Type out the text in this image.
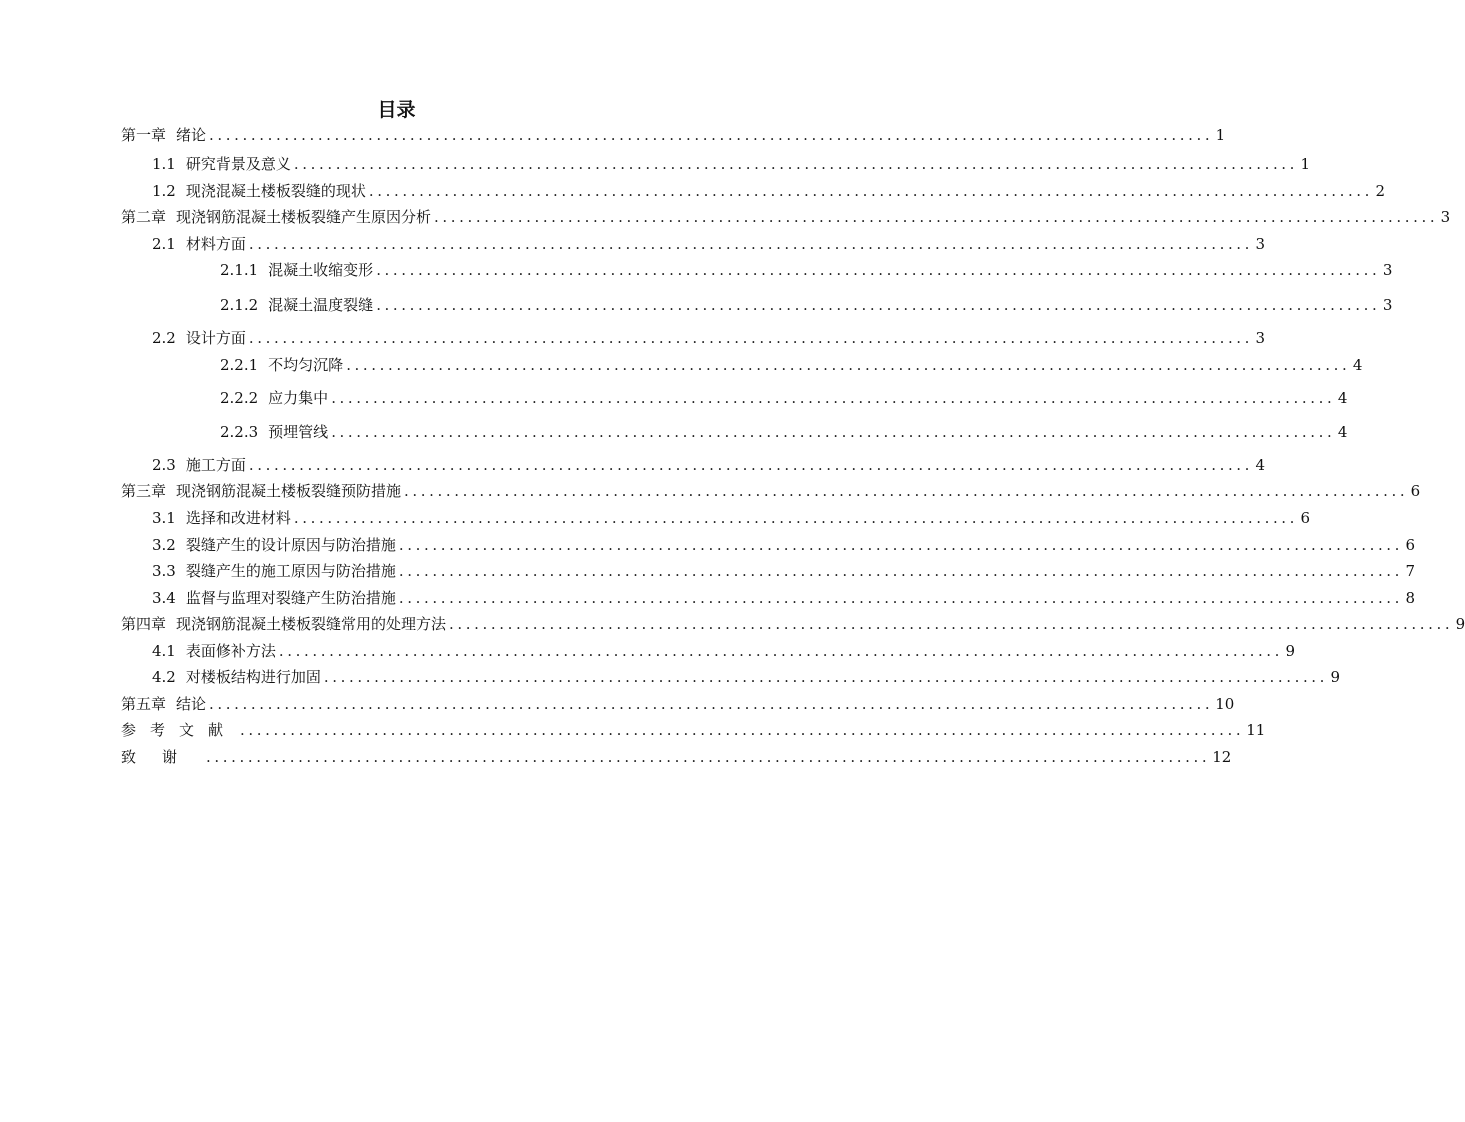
目录
第一章 绪论 ........................................................................................................................ 1
1.1 研究背景及意义 ........................................................................................................................ 1
1.2 现浇混凝土楼板裂缝的现状 ........................................................................................................................ 2
第二章 现浇钢筋混凝土楼板裂缝产生原因分析 ........................................................................................................................ 3
2.1 材料方面 ........................................................................................................................ 3
2.1.1 混凝土收缩变形 ........................................................................................................................ 3
2.1.2 混凝土温度裂缝 ........................................................................................................................ 3
2.2 设计方面 ........................................................................................................................ 3
2.2.1 不均匀沉降 ........................................................................................................................ 4
2.2.2 应力集中 ........................................................................................................................ 4
2.2.3 预埋管线 ........................................................................................................................ 4
2.3 施工方面 ........................................................................................................................ 4
第三章 现浇钢筋混凝土楼板裂缝预防措施 ........................................................................................................................ 6
3.1 选择和改进材料 ........................................................................................................................ 6
3.2 裂缝产生的设计原因与防治措施 ........................................................................................................................ 6
3.3 裂缝产生的施工原因与防治措施 ........................................................................................................................ 7
3.4 监督与监理对裂缝产生防治措施 ........................................................................................................................ 8
第四章 现浇钢筋混凝土楼板裂缝常用的处理方法 ........................................................................................................................ 9
4.1 表面修补方法 ........................................................................................................................ 9
4.2 对楼板结构进行加固 ........................................................................................................................ 9
第五章 结论 ........................................................................................................................ 10
参考文献 ........................................................................................................................ 11
致谢 ........................................................................................................................ 12
